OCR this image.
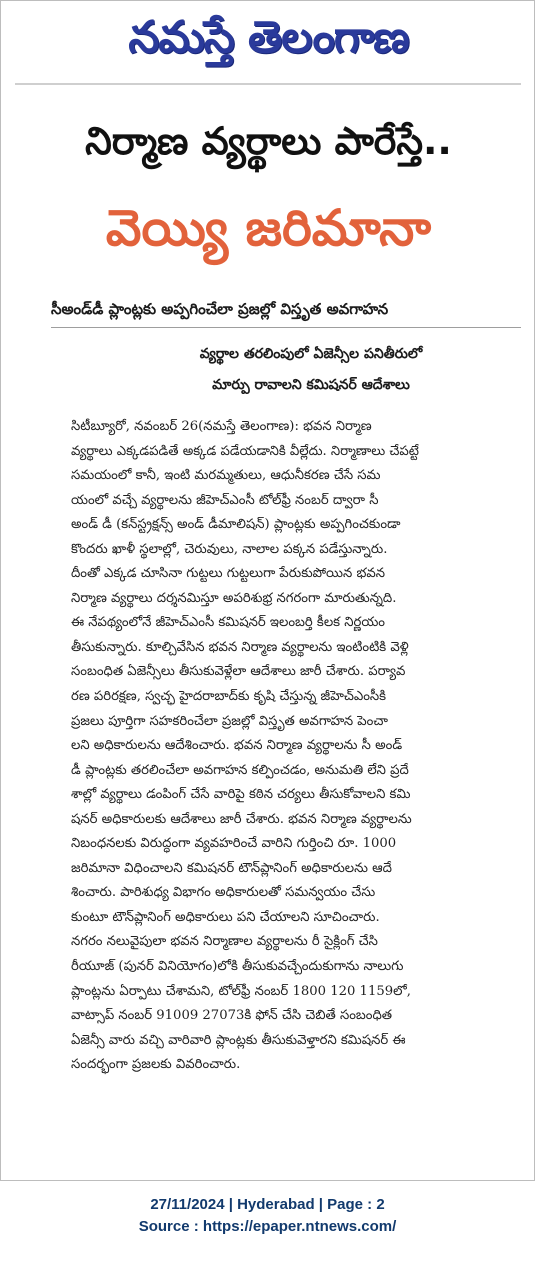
నమస్తే తెలంగాణ
నిర్మాణ వ్యర్థాలు పారేస్తే..
వెయ్యి జరిమానా
సీఅండ్‌డీ ప్లాంట్లకు అప్పగించేలా ప్రజల్లో విస్తృత అవగాహన
వ్యర్థాల తరలింపులో ఏజెన్సీల పనితీరులో
మార్పు రావాలని కమిషనర్‌ ఆదేశాలు
సిటీబ్యూరో, నవంబర్‌ 26(నమస్తే తెలంగాణ): భవన నిర్మాణ
వ్యర్థాలు ఎక్కడపడితే అక్కడ పడేయడానికి వీల్లేదు. నిర్మాణాలు చేపట్టే
సమయంలో కానీ, ఇంటి మరమ్మతులు, ఆధునీకరణ చేసే సమ
యంలో వచ్చే వ్యర్థాలను జీహెచ్‌ఎంసీ టోల్‌ఫ్రీ నంబర్‌ ద్వారా సీ
అండ్‌ డీ (కన్‌స్ట్రక్షన్స్‌ అండ్‌ డీమాలిషన్‌) ప్లాంట్లకు అప్పగించకుండా
కొందరు ఖాళీ స్థలాల్లో, చెరువులు, నాలాల పక్కన పడేస్తున్నారు.
దీంతో ఎక్కడ చూసినా గుట్టలు గుట్టలుగా పేరుకుపోయిన భవన
నిర్మాణ వ్యర్థాలు దర్శనమిస్తూ అపరిశుభ్ర నగరంగా మారుతున్నది.
ఈ నేపథ్యంలోనే జీహెచ్‌ఎంసీ కమిషనర్‌ ఇలంబర్తి కీలక నిర్ణయం
తీసుకున్నారు. కూల్చివేసిన భవన నిర్మాణ వ్యర్థాలను ఇంటింటికి వెళ్లి
సంబంధిత ఏజెన్సీలు తీసుకువెళ్లేలా ఆదేశాలు జారీ చేశారు. పర్యావ
రణ పరిరక్షణ, స్వచ్ఛ హైదరాబాద్‌కు కృషి చేస్తున్న జీహెచ్‌ఎంసీకి
ప్రజలు పూర్తిగా సహకరించేలా ప్రజల్లో విస్తృత అవగాహన పెంచా
లని అధికారులను ఆదేశించారు. భవన నిర్మాణ వ్యర్థాలను సీ అండ్‌
డీ ప్లాంట్లకు తరలించేలా అవగాహన కల్పించడం, అనుమతి లేని ప్రదే
శాల్లో వ్యర్థాలు డంపింగ్‌ చేసే వారిపై కఠిన చర్యలు తీసుకోవాలని కమి
షనర్‌ అధికారులకు ఆదేశాలు జారీ చేశారు. భవన నిర్మాణ వ్యర్థాలను
నిబంధనలకు విరుద్ధంగా వ్యవహరించే వారిని గుర్తించి రూ. 1000
జరిమానా విధించాలని కమిషనర్‌ టౌన్‌ప్లానింగ్‌ అధికారులను ఆదే
శించారు. పారిశుధ్య విభాగం అధికారులతో సమన్వయం చేసు
కుంటూ టౌన్‌ప్లానింగ్‌ అధికారులు పని చేయాలని సూచించారు.
నగరం నలువైపులా భవన నిర్మాణాల వ్యర్థాలను రీ సైక్లింగ్‌ చేసి
రీయూజ్‌ (పునర్‌ వినియోగం)లోకి తీసుకువచ్చేందుకుగాను నాలుగు
ప్లాంట్లను ఏర్పాటు చేశామని, టోల్‌ఫ్రీ నంబర్‌ 1800 120 1159లో,
వాట్సాప్‌ నంబర్‌ 91009 27073కి ఫోన్‌ చేసి చెబితే సంబంధిత
ఏజెన్సీ వారు వచ్చి వారివారి ప్లాంట్లకు తీసుకువెళ్తారని కమిషనర్‌ ఈ
సందర్భంగా ప్రజలకు వివరించారు.
27/11/2024 | Hyderabad | Page : 2
Source : https://epaper.ntnews.com/
